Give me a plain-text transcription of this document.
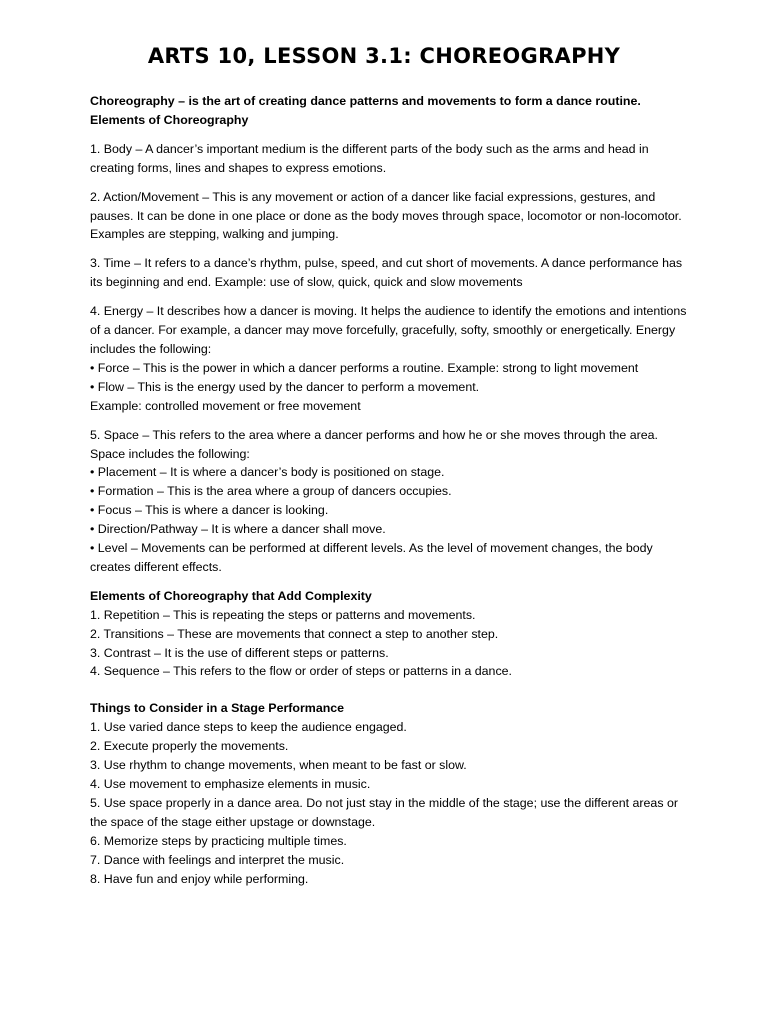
ARTS 10, LESSON 3.1: CHOREOGRAPHY

Choreography – is the art of creating dance patterns and movements to form a dance routine.

Elements of Choreography

1. Body – A dancer’s important medium is the different parts of the body such as the arms and head in creating forms, lines and shapes to express emotions.

2. Action/Movement – This is any movement or action of a dancer like facial expressions, gestures, and pauses. It can be done in one place or done as the body moves through space, locomotor or non-locomotor. Examples are stepping, walking and jumping.

3. Time – It refers to a dance’s rhythm, pulse, speed, and cut short of movements. A dance performance has its beginning and end. Example: use of slow, quick, quick and slow movements

4. Energy – It describes how a dancer is moving. It helps the audience to identify the emotions and intentions of a dancer. For example, a dancer may move forcefully, gracefully, softy, smoothly or energetically. Energy includes the following:

• Force – This is the power in which a dancer performs a routine. Example: strong to light movement

• Flow – This is the energy used by the dancer to perform a movement.

Example: controlled movement or free movement

5. Space – This refers to the area where a dancer performs and how he or she moves through the area. Space includes the following:

• Placement – It is where a dancer’s body is positioned on stage.

• Formation – This is the area where a group of dancers occupies.

• Focus – This is where a dancer is looking.

• Direction/Pathway – It is where a dancer shall move.

• Level – Movements can be performed at different levels. As the level of movement changes, the body creates different effects.

Elements of Choreography that Add Complexity

1. Repetition – This is repeating the steps or patterns and movements.

2. Transitions – These are movements that connect a step to another step.

3. Contrast – It is the use of different steps or patterns.

4. Sequence – This refers to the flow or order of steps or patterns in a dance.

Things to Consider in a Stage Performance

1. Use varied dance steps to keep the audience engaged.

2. Execute properly the movements.

3. Use rhythm to change movements, when meant to be fast or slow.

4. Use movement to emphasize elements in music.

5. Use space properly in a dance area. Do not just stay in the middle of the stage; use the different areas or the space of the stage either upstage or downstage.

6. Memorize steps by practicing multiple times.

7. Dance with feelings and interpret the music.

8. Have fun and enjoy while performing.
